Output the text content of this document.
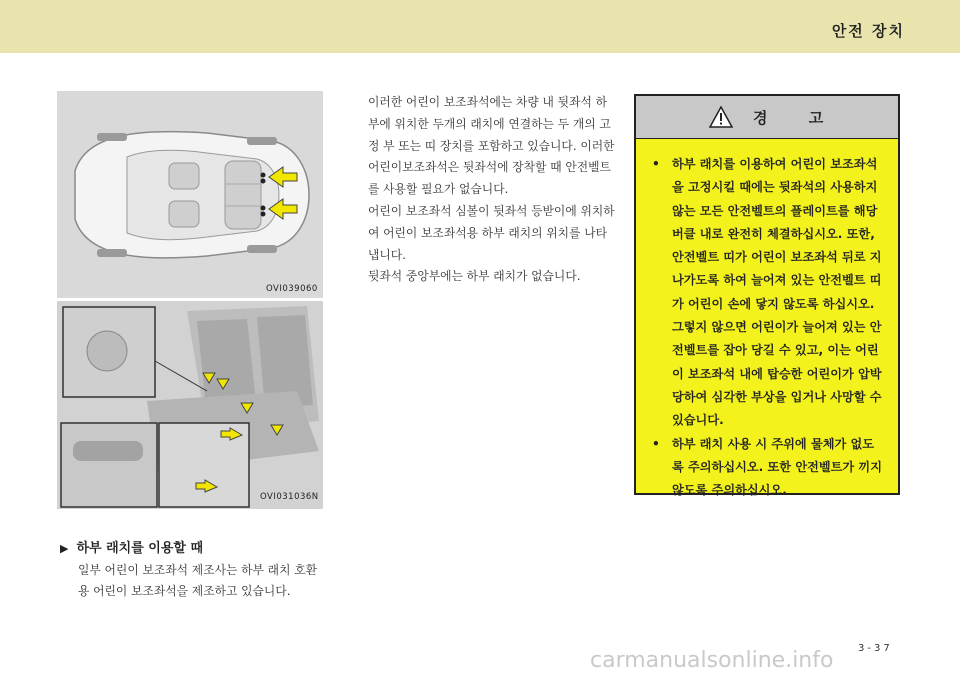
안전 장치
OVI039060
OVI031036N

이러한 어린이 보조좌석에는 차량 내 뒷좌석 하부에 위치한 두개의 래치에 연결하는 두 개의 고정 부 또는 띠 장치를 포함하고 있습니다. 이러한 어린이보조좌석은 뒷좌석에 장착할 때 안전벨트를 사용할 필요가 없습니다.

어린이 보조좌석 심볼이 뒷좌석 등받이에 위치하여 어린이 보조좌석용 하부 래치의 위치를 나타냅니다.

뒷좌석 중앙부에는 하부 래치가 없습니다.

경 고
• 하부 래치를 이용하여 어린이 보조좌석을 고정시킬 때에는 뒷좌석의 사용하지 않는 모든 안전벨트의 플레이트를 해당 버클 내로 완전히 체결하십시오. 또한, 안전벨트 띠가 어린이 보조좌석 뒤로 지나가도록 하여 늘어져 있는 안전벨트 띠가 어린이 손에 닿지 않도록 하십시오. 그렇지 않으면 어린이가 늘어져 있는 안전벨트를 잡아 당길 수 있고, 이는 어린이 보조좌석 내에 탑승한 어린이가 압박당하여 심각한 부상을 입거나 사망할 수 있습니다.
• 하부 래치 사용 시 주위에 물체가 없도록 주의하십시오. 또한 안전벨트가 끼지 않도록 주의하십시오.
▶ 하부 래치를 이용할 때
일부 어린이 보조좌석 제조사는 하부 래치 호환용 어린이 보조좌석을 제조하고 있습니다.
3-37
carmanualsonline.info
